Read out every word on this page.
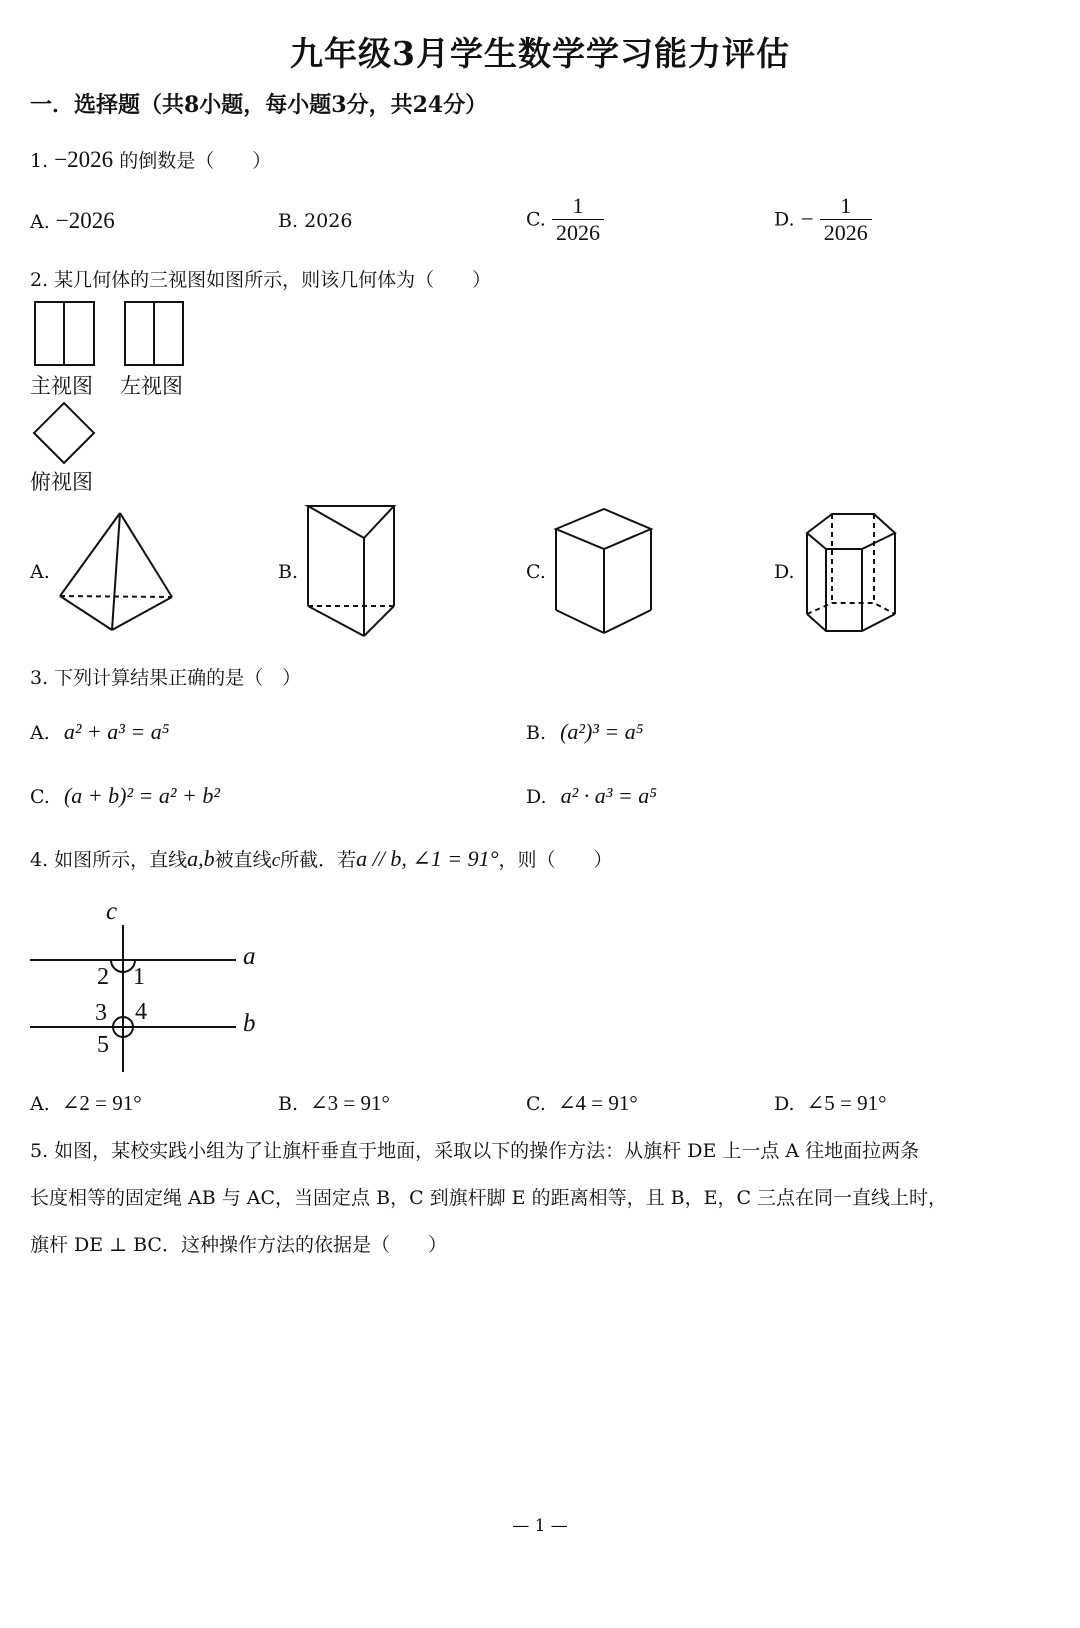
九年级3月学生数学学习能力评估
一．选择题（共8小题，每小题3分，共24分）
1. −2026 的倒数是（　　）
A. −2026	B. 2026	C. $\frac{1}{2026}$	D. − $\frac{1}{2026}$
2. 某几何体的三视图如图所示，则该几何体为（　　）
主视图 左视图
俯视图
A.	B.	C.	D.
3. 下列计算结果正确的是（　）
A. a² + a³ = a⁵	B. (a²)³ = a⁵
C. (a + b)² = a² + b²	D. a² · a³ = a⁵
4. 如图所示，直线a,b被直线c所截．若a // b, ∠1 = 91°，则（　　）
c
a
b
2 1
3 4
5
A. ∠2 = 91°	B. ∠3 = 91°	C. ∠4 = 91°	D. ∠5 = 91°
5. 如图，某校实践小组为了让旗杆垂直于地面，采取以下的操作方法：从旗杆 DE 上一点 A 往地面拉两条
长度相等的固定绳 AB 与 AC，当固定点 B，C 到旗杆脚 E 的距离相等，且 B，E，C 三点在同一直线上时，
旗杆 DE ⊥ BC．这种操作方法的依据是（　　）
— 1 —
